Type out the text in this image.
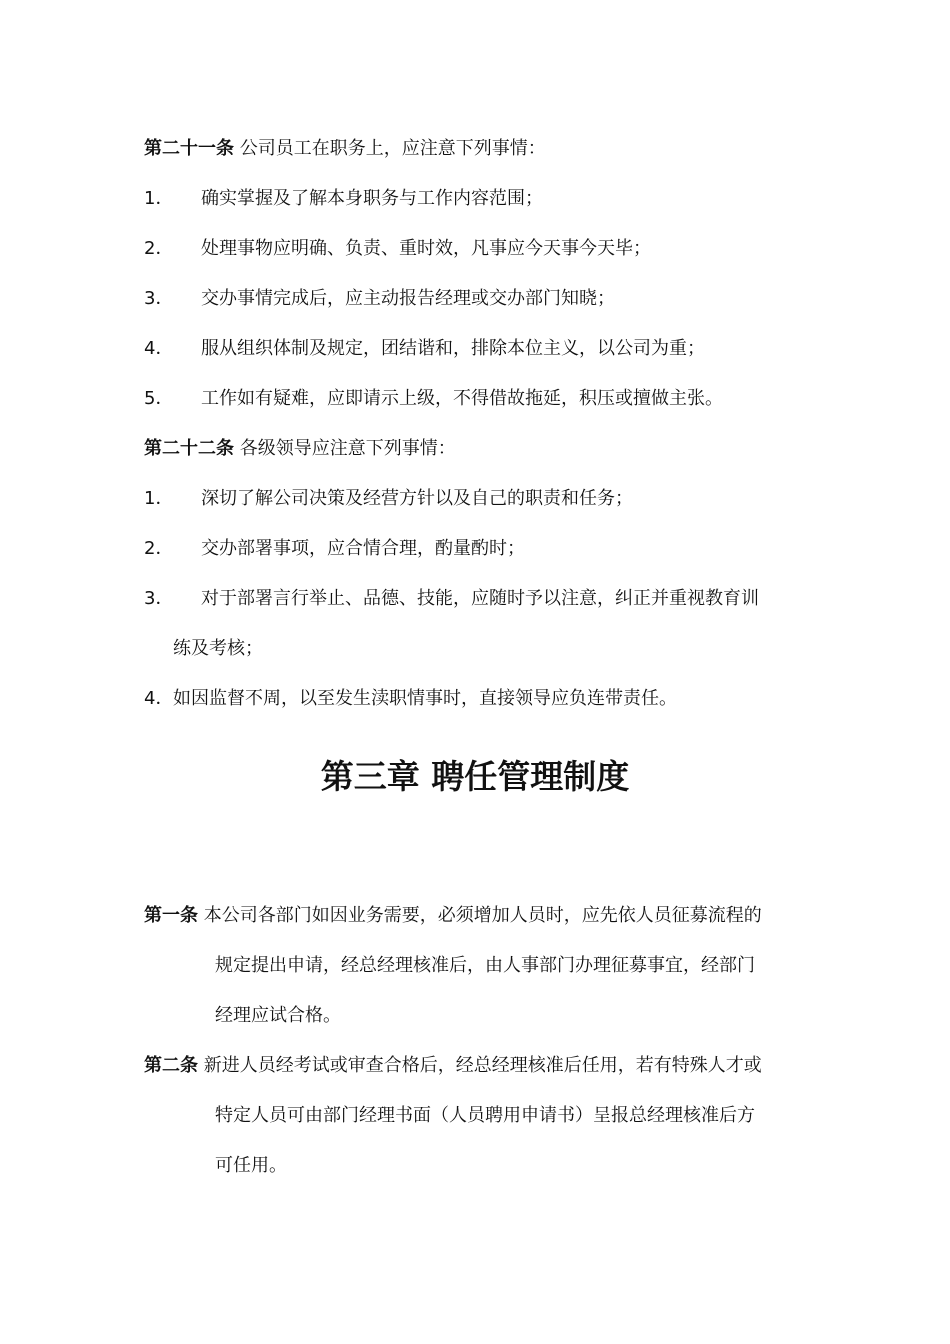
第二十一条 公司员工在职务上，应注意下列事情：
1． 确实掌握及了解本身职务与工作内容范围；
2． 处理事物应明确、负责、重时效，凡事应今天事今天毕；
3． 交办事情完成后，应主动报告经理或交办部门知晓；
4． 服从组织体制及规定，团结谐和，排除本位主义，以公司为重；
5． 工作如有疑难，应即请示上级，不得借故拖延，积压或擅做主张。
第二十二条 各级领导应注意下列事情：
1． 深切了解公司决策及经营方针以及自己的职责和任务；
2． 交办部署事项，应合情合理，酌量酌时；
3． 对于部署言行举止、品德、技能，应随时予以注意，纠正并重视教育训
练及考核；
4．如因监督不周，以至发生渎职情事时，直接领导应负连带责任。
第三章 聘任管理制度
第一条 本公司各部门如因业务需要，必须增加人员时，应先依人员征募流程的
规定提出申请，经总经理核准后，由人事部门办理征募事宜，经部门
经理应试合格。
第二条 新进人员经考试或审查合格后，经总经理核准后任用，若有特殊人才或
特定人员可由部门经理书面（人员聘用申请书）呈报总经理核准后方
可任用。
